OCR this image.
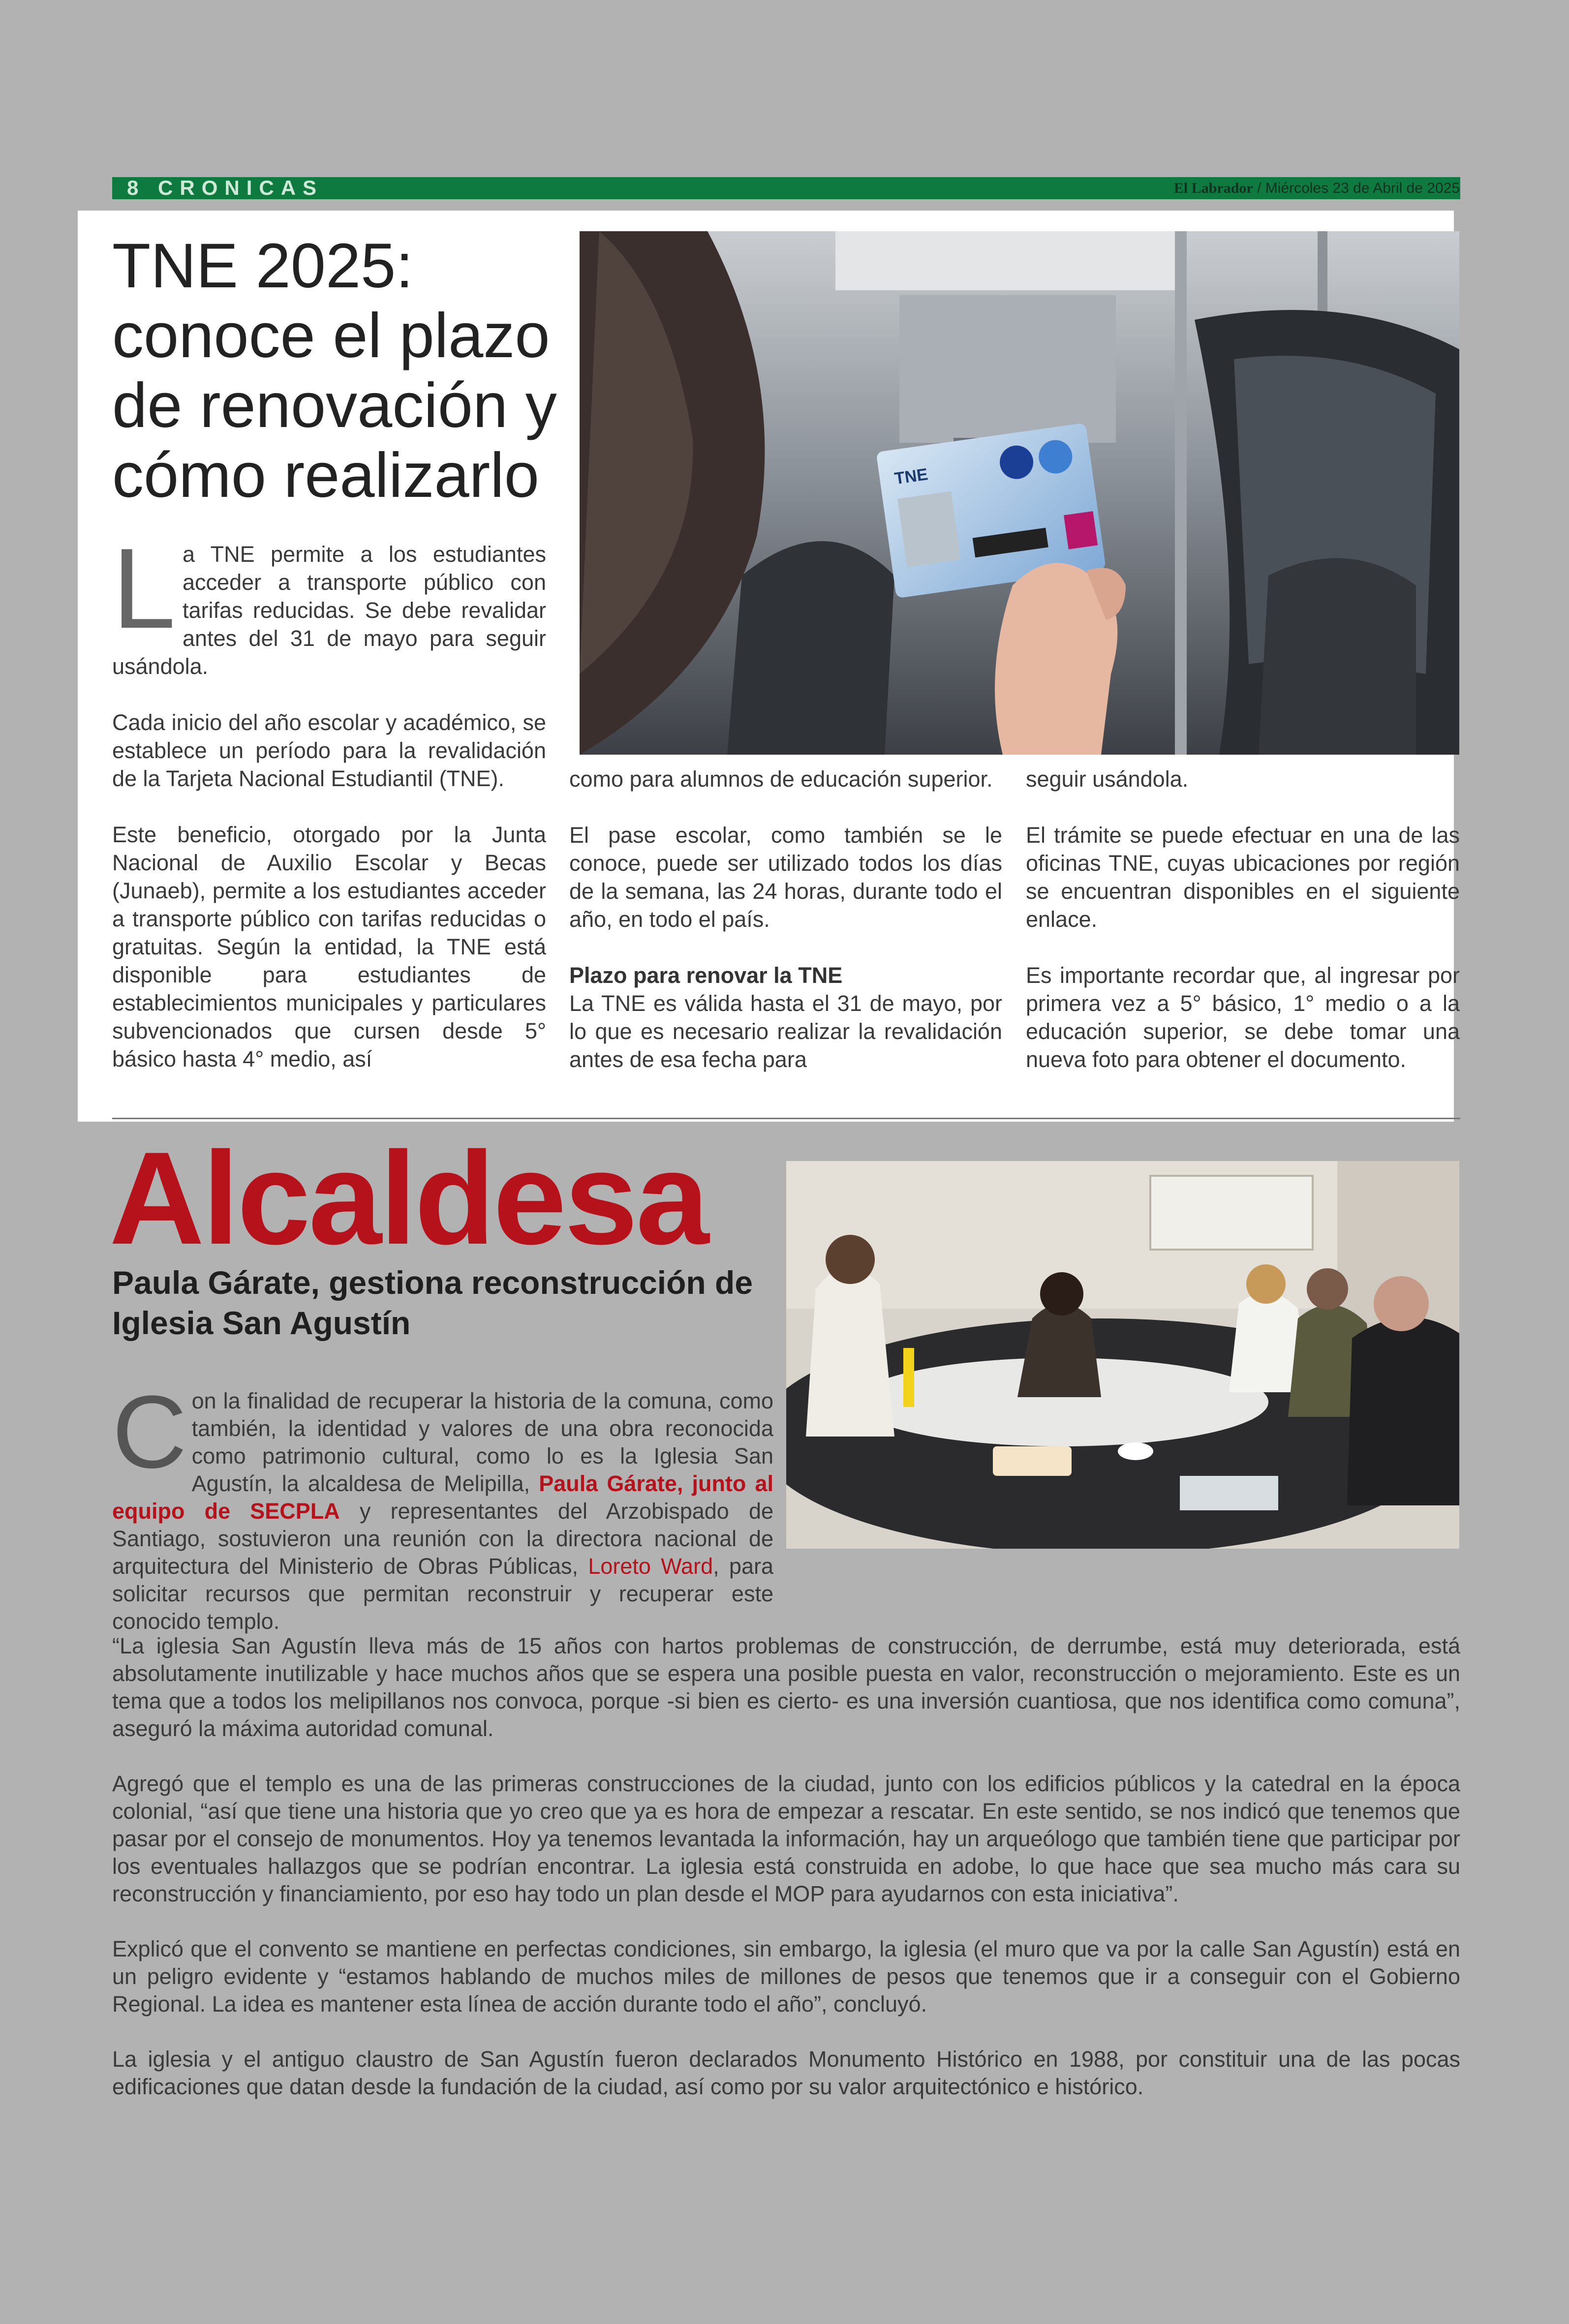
8 CRONICAS	El Labrador / Miércoles 23 de Abril de 2025
TNE 2025: conoce el plazo de renovación y cómo realizarlo

La TNE permite a los estudiantes acceder a transporte público con tarifas reducidas. Se debe revalidar antes del 31 de mayo para seguir usándola.

Cada inicio del año escolar y académico, se establece un período para la revalidación de la Tarjeta Nacional Estudiantil (TNE).

Este beneficio, otorgado por la Junta Nacional de Auxilio Escolar y Becas (Junaeb), permite a los estudiantes acceder a transporte público con tarifas reducidas o gratuitas. Según la entidad, la TNE está disponible para estudiantes de establecimientos municipales y particulares subvencionados que cursen desde 5° básico hasta 4° medio, así

como para alumnos de educación superior.

El pase escolar, como también se le conoce, puede ser utilizado todos los días de la semana, las 24 horas, durante todo el año, en todo el país.

Plazo para renovar la TNE

La TNE es válida hasta el 31 de mayo, por lo que es necesario realizar la revalidación antes de esa fecha para

seguir usándola.

El trámite se puede efectuar en una de las oficinas TNE, cuyas ubicaciones por región se encuentran disponibles en el siguiente enlace.

Es importante recordar que, al ingresar por primera vez a 5° básico, 1° medio o a la educación superior, se debe tomar una nueva foto para obtener el documento.

TNE
Alcaldesa
Paula Gárate, gestiona reconstrucción de Iglesia San Agustín
Con la finalidad de recuperar la historia de la comuna, como también, la identidad y valores de una obra reconocida como patrimonio cultural, como lo es la Iglesia San Agustín, la alcaldesa de Melipilla, Paula Gárate, junto al equipo de SECPLA y representantes del Arzobispado de Santiago, sostuvieron una reunión con la directora nacional de arquitectura del Ministerio de Obras Públicas, Loreto Ward, para solicitar recursos que permitan reconstruir y recuperar este conocido templo.

“La iglesia San Agustín lleva más de 15 años con hartos problemas de construcción, de derrumbe, está muy deteriorada, está absolutamente inutilizable y hace muchos años que se espera una posible puesta en valor, reconstrucción o mejoramiento. Este es un tema que a todos los melipillanos nos convoca, porque -si bien es cierto- es una inversión cuantiosa, que nos identifica como comuna”, aseguró la máxima autoridad comunal.

Agregó que el templo es una de las primeras construcciones de la ciudad, junto con los edificios públicos y la catedral en la época colonial, “así que tiene una historia que yo creo que ya es hora de empezar a rescatar. En este sentido, se nos indicó que tenemos que pasar por el consejo de monumentos. Hoy ya tenemos levantada la información, hay un arqueólogo que también tiene que participar por los eventuales hallazgos que se podrían encontrar. La iglesia está construida en adobe, lo que hace que sea mucho más cara su reconstrucción y financiamiento, por eso hay todo un plan desde el MOP para ayudarnos con esta iniciativa”.

Explicó que el convento se mantiene en perfectas condiciones, sin embargo, la iglesia (el muro que va por la calle San Agustín) está en un peligro evidente y “estamos hablando de muchos miles de millones de pesos que tenemos que ir a conseguir con el Gobierno Regional. La idea es mantener esta línea de acción durante todo el año”, concluyó.

La iglesia y el antiguo claustro de San Agustín fueron declarados Monumento Histórico en 1988, por constituir una de las pocas edificaciones que datan desde la fundación de la ciudad, así como por su valor arquitectónico e histórico.
